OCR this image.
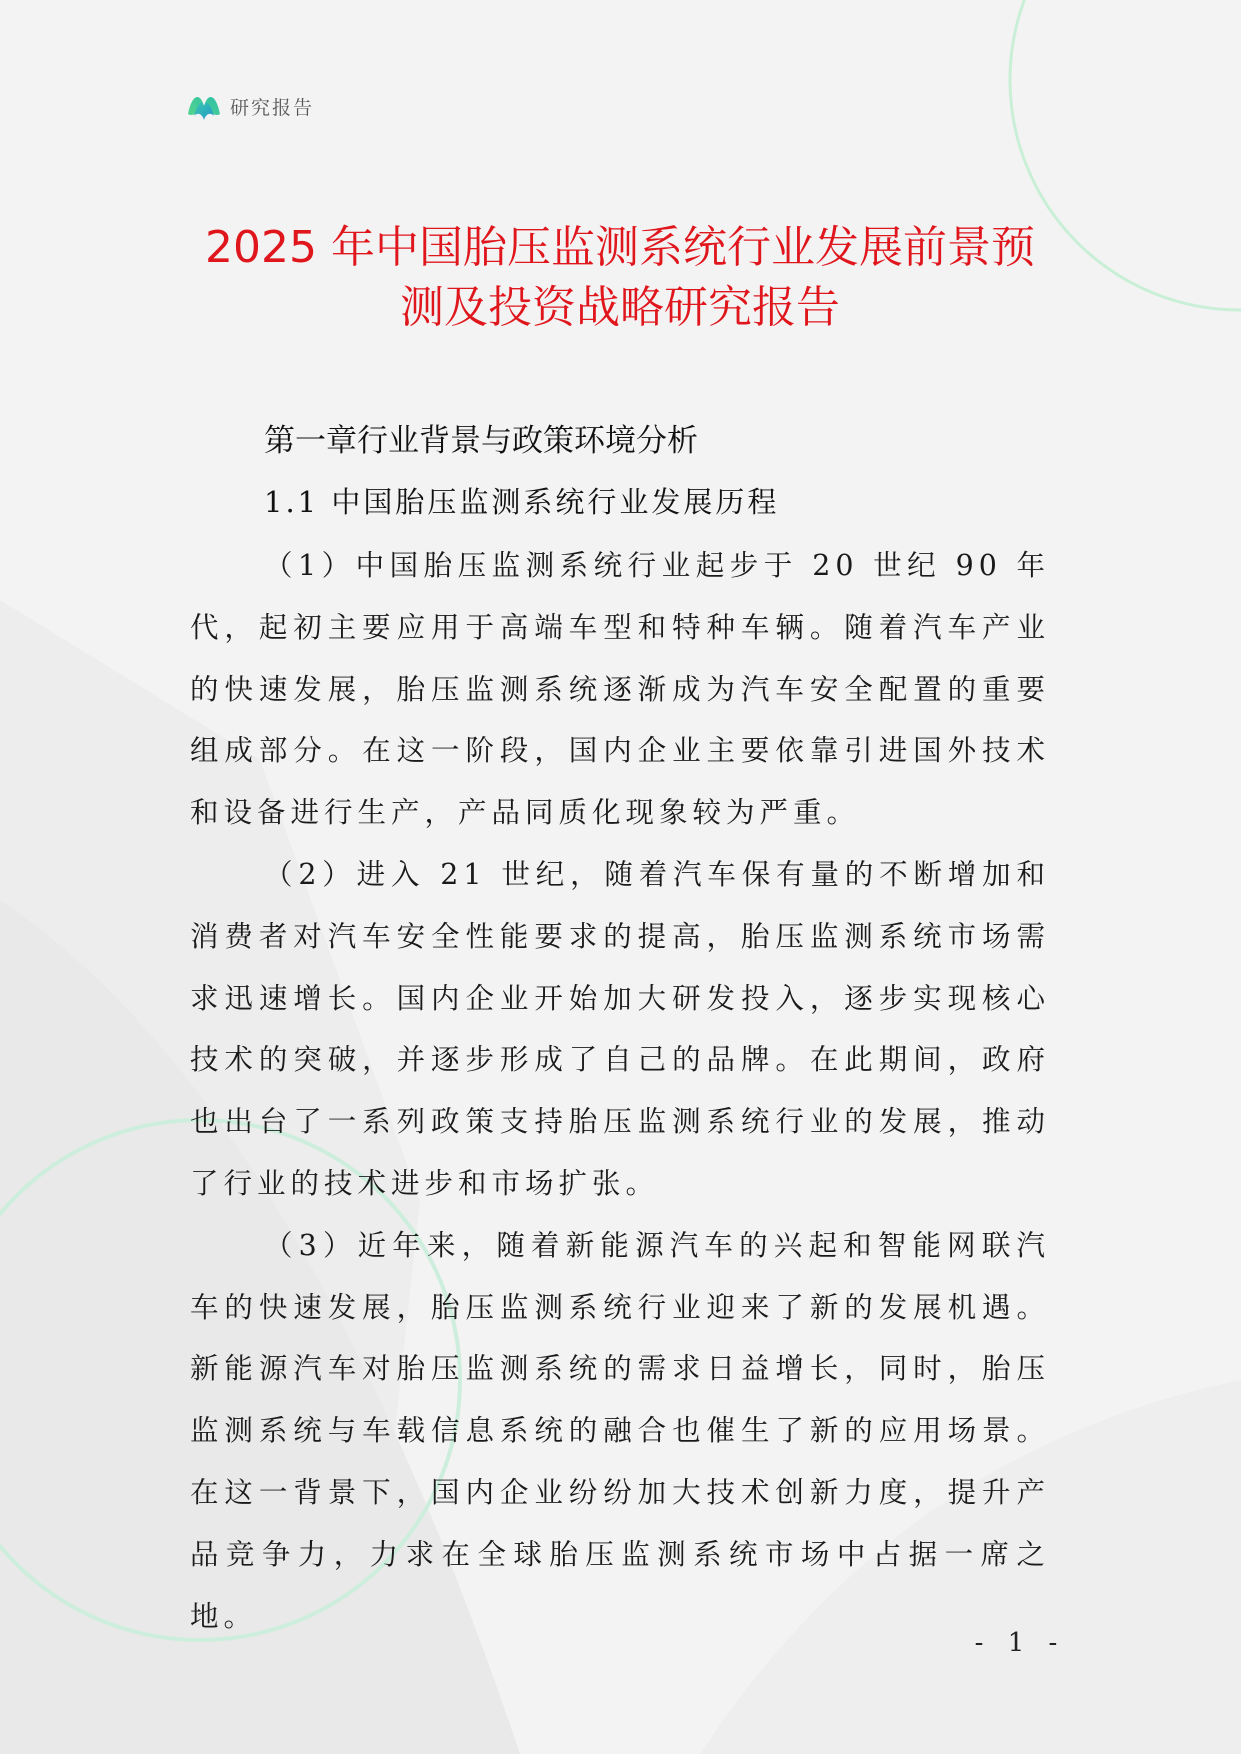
研究报告
2025 年中国胎压监测系统行业发展前景预
测及投资战略研究报告
第一章行业背景与政策环境分析
1.1 中国胎压监测系统行业发展历程

（1）中国胎压监测系统行业起步于 20 世纪 90 年代，起初主要应用于高端车型和特种车辆。随着汽车产业的快速发展，胎压监测系统逐渐成为汽车安全配置的重要组成部分。在这一阶段，国内企业主要依靠引进国外技术和设备进行生产，产品同质化现象较为严重。

（2）进入 21 世纪，随着汽车保有量的不断增加和消费者对汽车安全性能要求的提高，胎压监测系统市场需求迅速增长。国内企业开始加大研发投入，逐步实现核心技术的突破，并逐步形成了自己的品牌。在此期间，政府也出台了一系列政策支持胎压监测系统行业的发展，推动了行业的技术进步和市场扩张。

（3）近年来，随着新能源汽车的兴起和智能网联汽车的快速发展，胎压监测系统行业迎来了新的发展机遇。新能源汽车对胎压监测系统的需求日益增长，同时，胎压监测系统与车载信息系统的融合也催生了新的应用场景。在这一背景下，国内企业纷纷加大技术创新力度，提升产品竞争力，力求在全球胎压监测系统市场中占据一席之地。

- 1 -
